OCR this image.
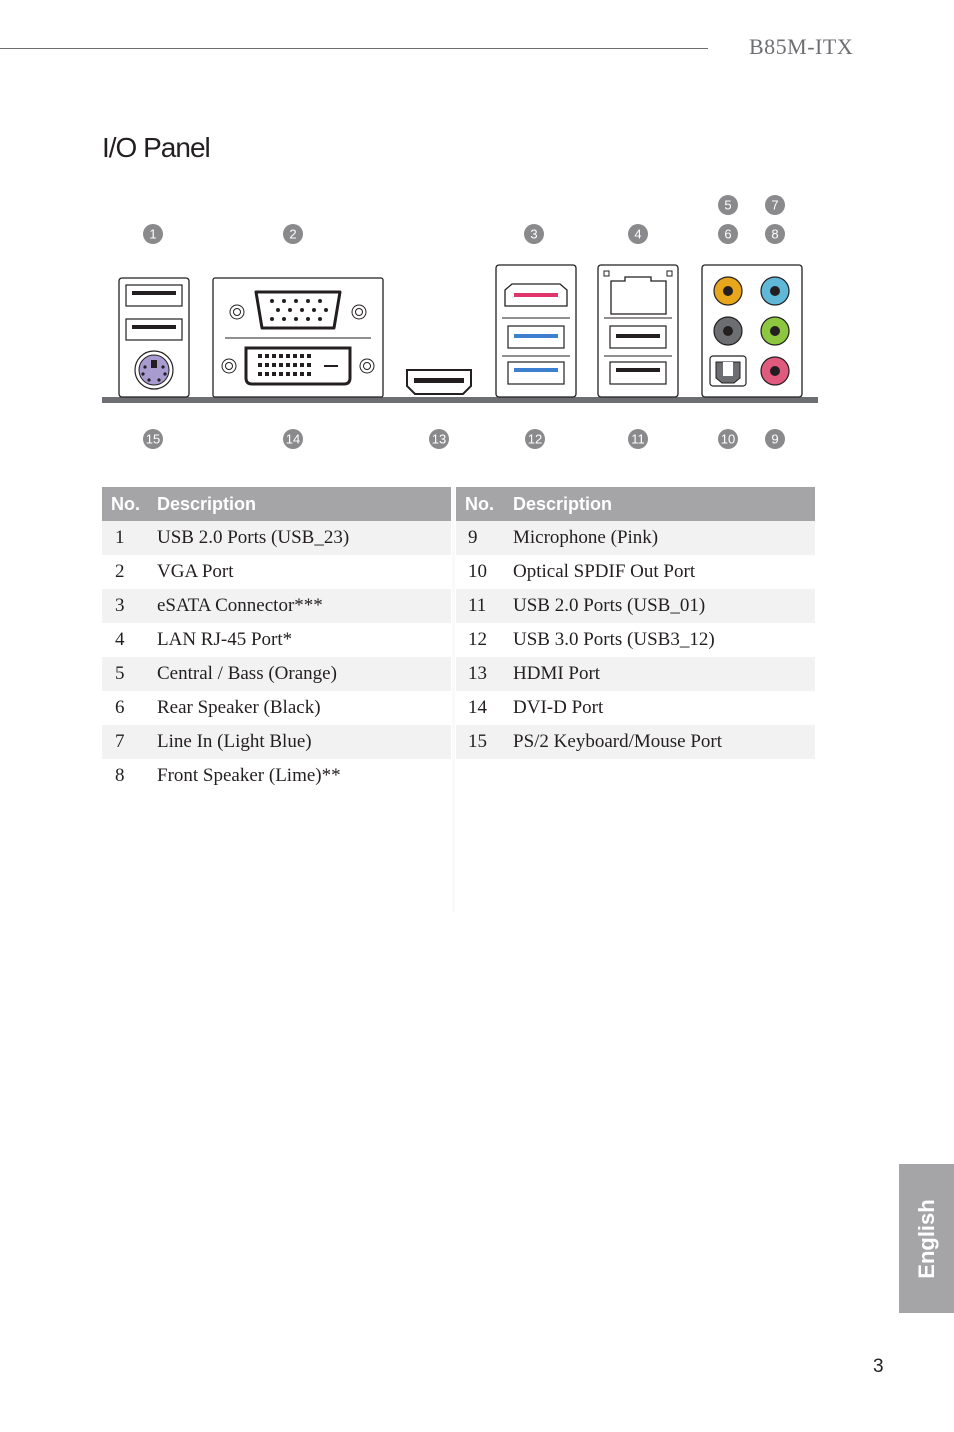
B85M-ITX
I/O Panel
1	2	3	4
5
6
7
8
15	14	13	12	11	10	9
No. Description
1	USB 2.0 Ports (USB_23)
2	VGA Port
3	eSATA Connector***
4	LAN RJ-45 Port*
5	Central / Bass (Orange)
6	Rear Speaker (Black)
7	Line In (Light Blue)
8	Front Speaker (Lime)**
No.	Description
9	Microphone (Pink)
10	Optical SPDIF Out Port
11	USB 2.0 Ports (USB_01)
12	USB 3.0 Ports (USB3_12)
13	HDMI Port
14	DVI-D Port
15	PS/2 Keyboard/Mouse Port
English
3
